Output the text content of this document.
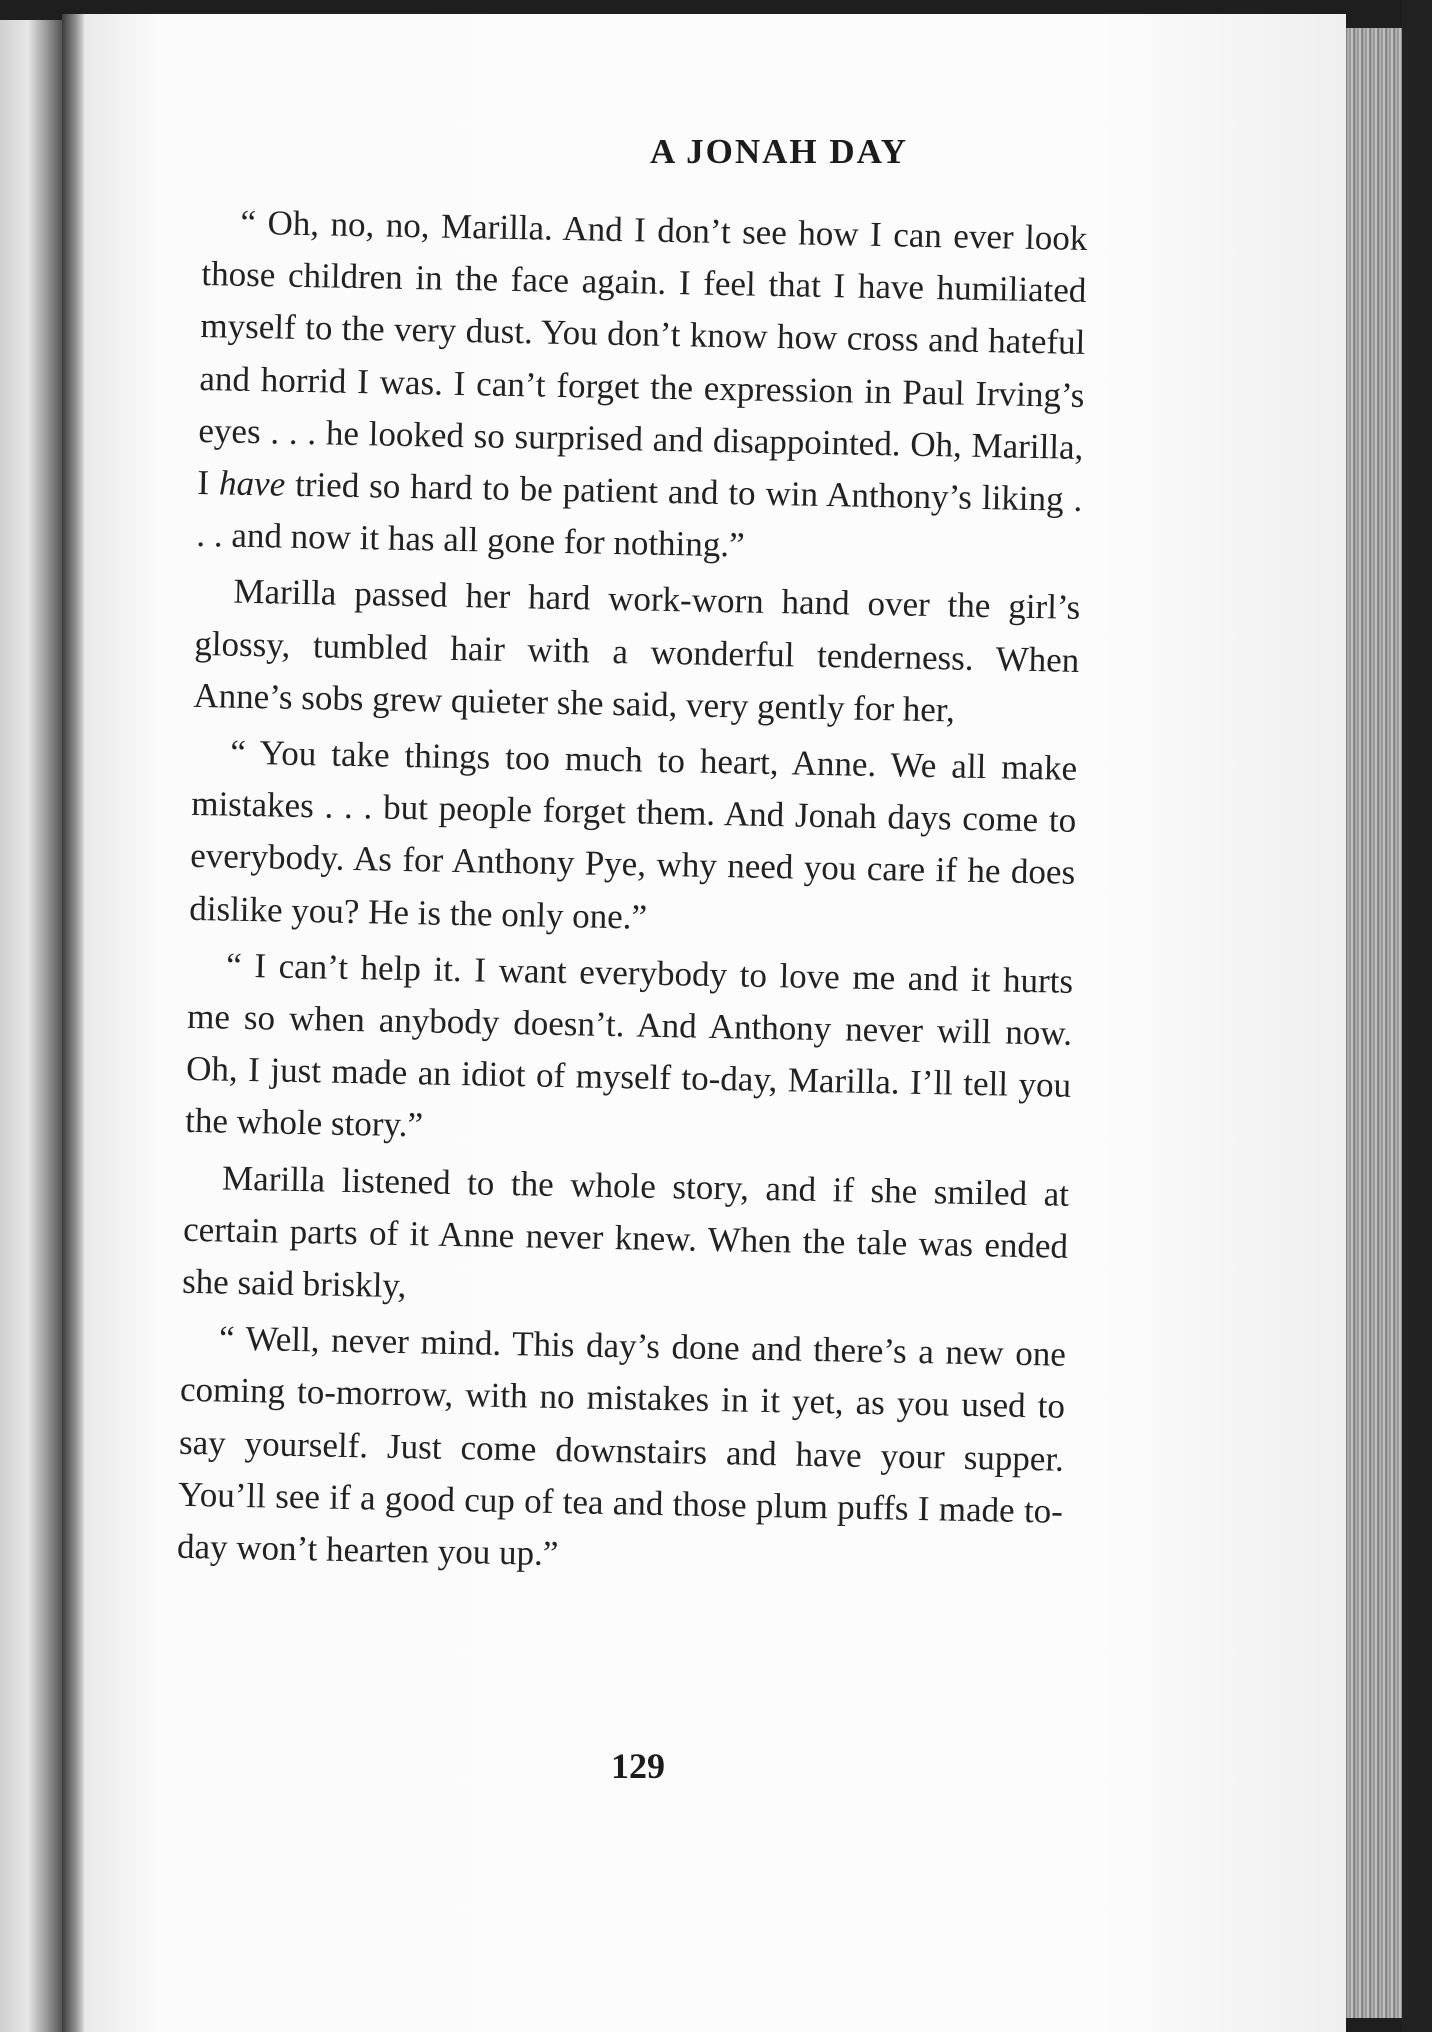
A JONAH DAY

“ Oh, no, no, Marilla. And I don’t see how I can ever look those children in the face again. I feel that I have humiliated myself to the very dust. You don’t know how cross and hateful and horrid I was. I can’t forget the expression in Paul Irving’s eyes . . . he looked so surprised and disappointed. Oh, Marilla, I have tried so hard to be patient and to win Anthony’s liking . . . and now it has all gone for nothing.”

Marilla passed her hard work-worn hand over the girl’s glossy, tumbled hair with a wonderful tenderness. When Anne’s sobs grew quieter she said, very gently for her,

“ You take things too much to heart, Anne. We all make mistakes . . . but people forget them. And Jonah days come to everybody. As for Anthony Pye, why need you care if he does dislike you? He is the only one.”

“ I can’t help it. I want everybody to love me and it hurts me so when anybody doesn’t. And Anthony never will now. Oh, I just made an idiot of myself to-day, Marilla. I’ll tell you the whole story.”

Marilla listened to the whole story, and if she smiled at certain parts of it Anne never knew. When the tale was ended she said briskly,

“ Well, never mind. This day’s done and there’s a new one coming to-morrow, with no mistakes in it yet, as you used to say yourself. Just come downstairs and have your supper. You’ll see if a good cup of tea and those plum puffs I made to-day won’t hearten you up.”

129
